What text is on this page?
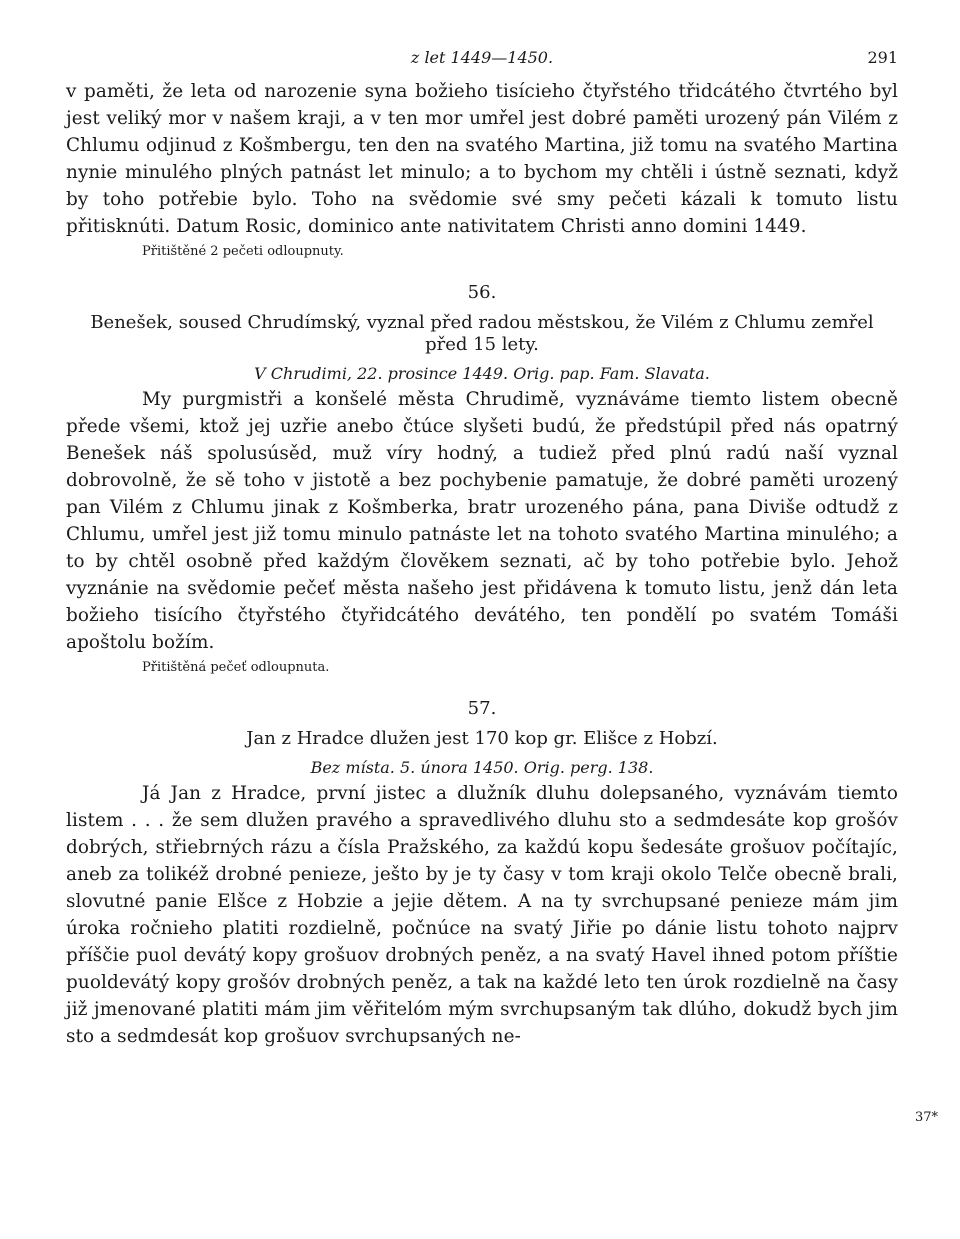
z let 1449—1450.	291

v paměti, že leta od narozenie syna božieho tisícieho čtyřstého třidcátého čtvrtého byl jest veliký mor v našem kraji, a v ten mor umřel jest dobré paměti urozený pán Vilém z Chlumu odjinud z Košmbergu, ten den na svatého Martina, již tomu na svatého Martina nynie minulého plných patnást let minulo; a to bychom my chtěli i ústně seznati, když by toho potřebie bylo. Toho na svědomie své smy pečeti kázali k tomuto listu přitisknúti. Datum Rosic, dominico ante nativitatem Christi anno domini 1449.

Přitištěné 2 pečeti odloupnuty.

56.

Benešek, soused Chrudímský, vyznal před radou městskou, že Vilém z Chlumu zemřel před 15 lety.

V Chrudimi, 22. prosince 1449. Orig. pap. Fam. Slavata.

My purgmistři a konšelé města Chrudimě, vyznáváme tiemto listem obecně přede všemi, ktož jej uzřie anebo čtúce slyšeti budú, že předstúpil před nás opatrný Benešek náš spolusúsěd, muž víry hodný, a tudiež před plnú radú naší vyznal dobrovolně, že sě toho v jistotě a bez pochybenie pamatuje, že dobré paměti urozený pan Vilém z Chlumu jinak z Košmberka, bratr urozeného pána, pana Diviše odtudž z Chlumu, umřel jest již tomu minulo patnáste let na tohoto svatého Martina minulého; a to by chtěl osobně před každým člověkem seznati, ač by toho potřebie bylo. Jehož vyznánie na svědomie pečeť města našeho jest přidávena k tomuto listu, jenž dán leta božieho tisícího čtyřstého čtyřidcátého devátého, ten pondělí po svatém Tomáši apoštolu božím.

Přitištěná pečeť odloupnuta.

57.

Jan z Hradce dlužen jest 170 kop gr. Elišce z Hobzí.

Bez místa. 5. února 1450. Orig. perg. 138.

Já Jan z Hradce, první jistec a dlužník dluhu dolepsaného, vyznávám tiemto listem . . . že sem dlužen pravého a spravedlivého dluhu sto a sedmdesáte kop grošóv dobrých, střiebrných rázu a čísla Pražského, za každú kopu šedesáte grošuov počítajíc, aneb za tolikéž drobné penieze, ješto by je ty časy v tom kraji okolo Telče obecně brali, slovutné panie Elšce z Hobzie a jejie dětem. A na ty svrchupsané penieze mám jim úroka ročnieho platiti rozdielně, počnúce na svatý Jiřie po dánie listu tohoto najprv příščie puol devátý kopy grošuov drobných peněz, a na svatý Havel ihned potom příštie puoldevátý kopy grošóv drobných peněz, a tak na každé leto ten úrok rozdielně na časy již jmenované platiti mám jim věřitelóm mým svrchupsaným tak dlúho, dokudž bych jim sto a sedmdesát kop grošuov svrchupsaných ne-

37*
